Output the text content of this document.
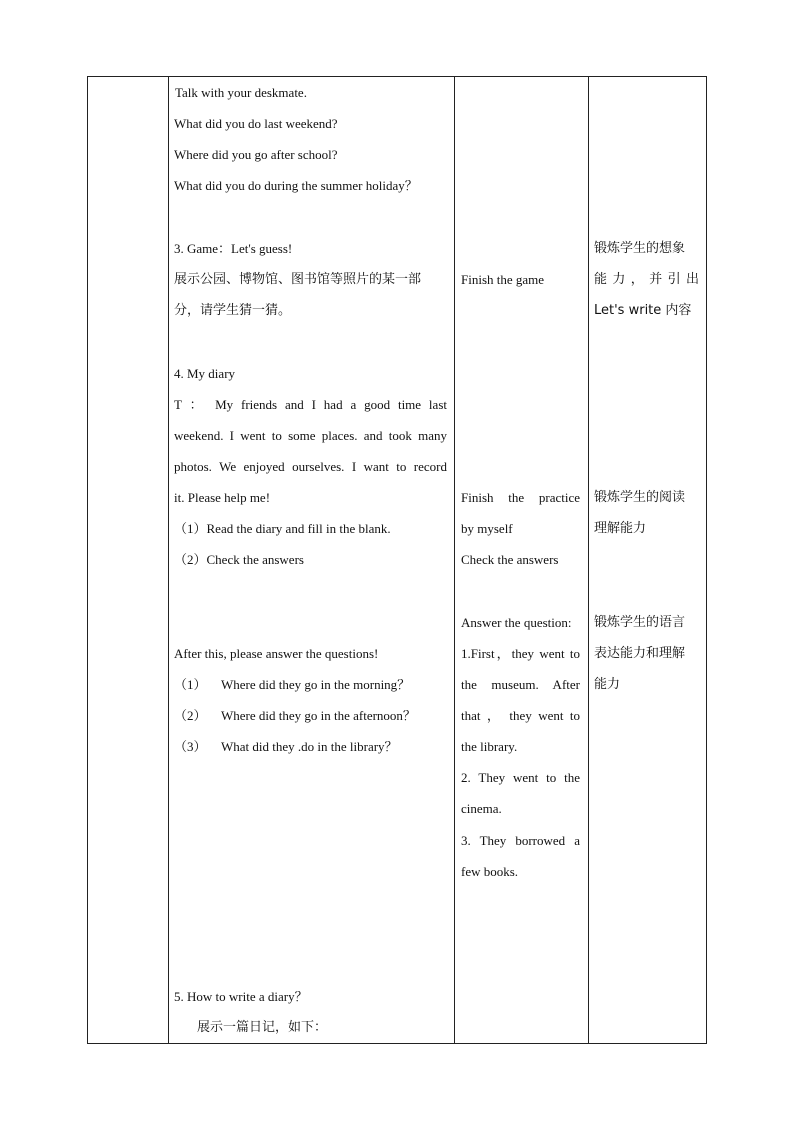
Talk with your deskmate.
What did you do last weekend?
Where did you go after school?
What did you do during the summer holiday？
3. Game：Let's guess!
展示公园、博物馆、图书馆等照片的某一部
分，请学生猜一猜。
4. My diary
T ： My friends and I had a good time last
weekend. I went to some places. and took many
photos. We enjoyed ourselves. I want to record
it. Please help me!
（1）Read the diary and fill in the blank.
（2）Check the answers
After this, please answer the questions!
（1） Where did they go in the morning？
（2） Where did they go in the afternoon？
（3） What did they .do in the library？
5. How to write a diary？
展示一篇日记，如下：
Finish the game
Finish the practice
by myself
Check the answers
Answer the question:
1.First，they went to
the museum. After
that ， they went to
the library.
2. They went to the
cinema.
3. They borrowed a
few books.
锻炼学生的想象
能 力 ， 并 引 出
Let's write 内容
锻炼学生的阅读
理解能力
锻炼学生的语言
表达能力和理解
能力
